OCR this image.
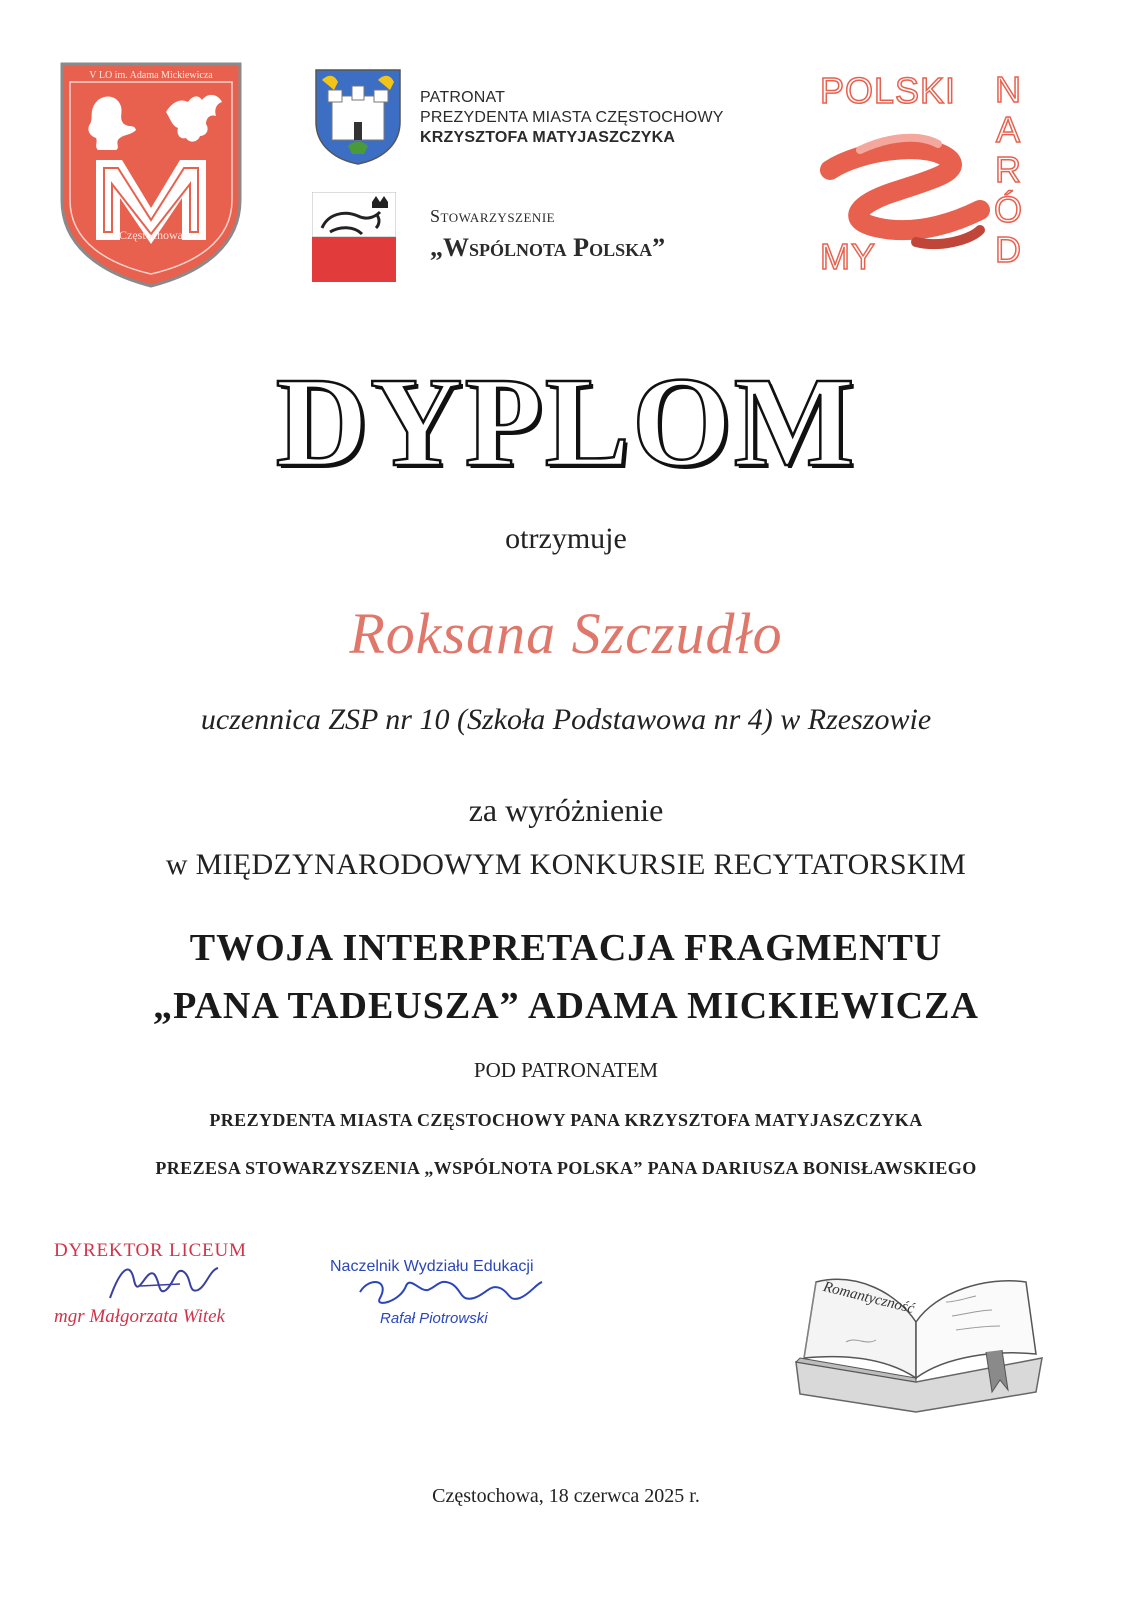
V LO im. Adama Mickiewicza
Częstochowa
PATRONAT
PREZYDENTA MIASTA CZĘSTOCHOWY
KRZYSZTOFA MATYJASZCZYKA
Stowarzyszenie
„Wspólnota Polska”
POLSKI
MY
N
A
R
Ó
D
DYPLOM
otrzymuje
Roksana Szczudło
uczennica ZSP nr 10 (Szkoła Podstawowa nr 4) w Rzeszowie
za wyróżnienie
w MIĘDZYNARODOWYM KONKURSIE RECYTATORSKIM
TWOJA INTERPRETACJA FRAGMENTU
„PANA TADEUSZA” ADAMA MICKIEWICZA
POD PATRONATEM
PREZYDENTA MIASTA CZĘSTOCHOWY PANA KRZYSZTOFA MATYJASZCZYKA
PREZESA STOWARZYSZENIA „WSPÓLNOTA POLSKA” PANA DARIUSZA BONISŁAWSKIEGO
DYREKTOR LICEUM
mgr Małgorzata Witek
Naczelnik Wydziału Edukacji
Rafał Piotrowski
Romantyczność
Częstochowa, 18 czerwca 2025 r.
